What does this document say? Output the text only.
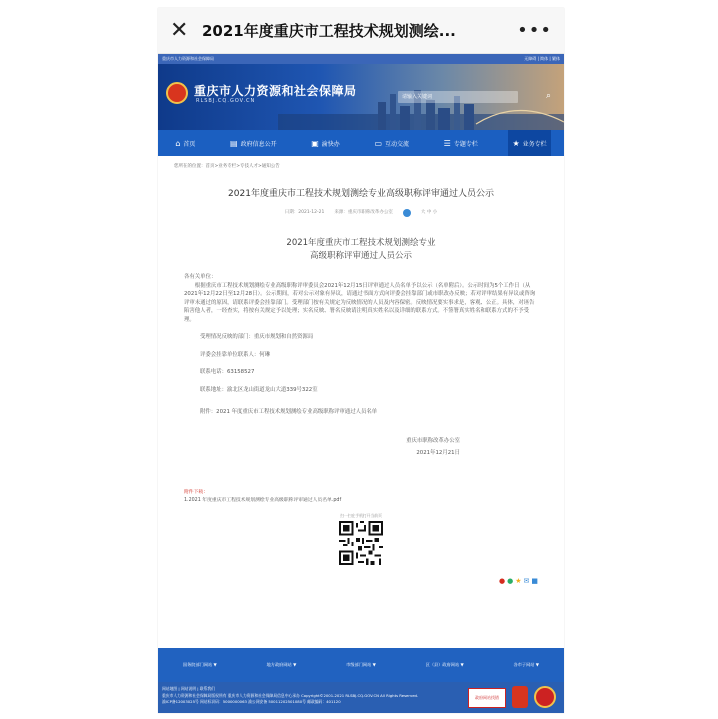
✕ 2021年度重庆市工程技术规划测绘...	•••
重庆市人力资源和社会保障局	无障碍 | 简体 | 繁体
重庆市人力资源和社会保障局
RLSBJ.CQ.GOV.CN
请输入关键词	⌕
⌂ 首页	▤ 政府信息公开	▣ 渝快办	▭ 互动交流	☰ 专题专栏	★ 业务专栏
您所在的位置：首页>业务专栏>专技人才>通知公告
2021年度重庆市工程技术规划测绘专业高级职称评审通过人员公示
日期：2021-12-21 来源：重庆市职称改革办公室	大 中 小
2021年度重庆市工程技术规划测绘专业
高级职称评审通过人员公示

各有关单位：

根据重庆市工程技术规划测绘专业高级职称评审委员会2021年12月15日评审通过人员名单予以公示（名单附后）。公示时间为5个工作日（从2021年12月22日至12月28日）。公示期间，若对公示对象有异议，请通过书面方式向评委会挂靠部门或市职改办反映；若对评审结果有异议或咨询评审未通过的原因，请联系评委会挂靠部门。受理部门按有关规定为反映情况的人员及内容保密。反映情况要实事求是，客观、公正。具体，对诬告陷害他人者，一经查实，将按有关规定予以处理；实名反映、署名反映请注明真实姓名以及详细的联系方式。不签署真实姓名和联系方式的不予受理。

受理情况反映的部门：重庆市规划和自然资源局

评委会挂靠单位联系人：何琳

联系电话：63158527

联系地址：渝北区龙山街道龙山大道339号322室

附件：2021 年度重庆市工程技术规划测绘专业高级职称评审通过人员名单

重庆市职称改革办公室
2021年12月21日
附件下载：
1.2021 年度重庆市工程技术规划测绘专业高级职称评审通过人员名单.pdf
扫一扫在手机打开当前页
● ● ★ ✉ ■
国务院部门网站 ▼	地方政府网站 ▼	市级部门网站 ▼	区（县）政府网站 ▼	各市子网站 ▼
网站地图 | 网站说明 | 联系我们
重庆市人力资源和社会保障局版权所有 重庆市人力资源和社会保障局信息中心承办 Copyright©2001-2021 RLSBJ.CQ.GOV.CN All Rights Reserved.
渝ICP备12003025号 网站标识码：5000000063 渝公网安备 50011202501080号 邮政编码：401120
政府网站找错
